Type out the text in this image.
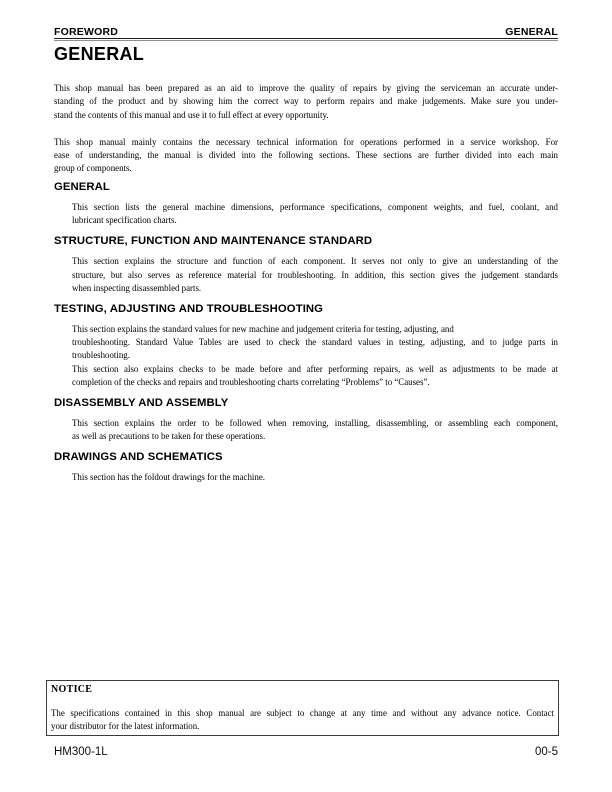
FOREWORD	GENERAL
GENERAL
This shop manual has been prepared as an aid to improve the quality of repairs by giving the serviceman an accurate under-
standing of the product and by showing him the correct way to perform repairs and make judgements. Make sure you under-
stand the contents of this manual and use it to full effect at every opportunity.
This shop manual mainly contains the necessary technical information for operations performed in a service workshop. For
ease of understanding, the manual is divided into the following sections. These sections are further divided into each main
group of components.
GENERAL
This section lists the general machine dimensions, performance specifications, component weights, and fuel, coolant, and
lubricant specification charts.
STRUCTURE, FUNCTION AND MAINTENANCE STANDARD
This section explains the structure and function of each component. It serves not only to give an understanding of the
structure, but also serves as reference material for troubleshooting. In addition, this section gives the judgement standards
when inspecting disassembled parts.
TESTING, ADJUSTING AND TROUBLESHOOTING
This section explains the standard values for new machine and judgement criteria for testing, adjusting, and
troubleshooting. Standard Value Tables are used to check the standard values in testing, adjusting, and to judge parts in
troubleshooting.
This section also explains checks to be made before and after performing repairs, as well as adjustments to be made at
completion of the checks and repairs and troubleshooting charts correlating “Problems” to “Causes”.
DISASSEMBLY AND ASSEMBLY
This section explains the order to be followed when removing, installing, disassembling, or assembling each component,
as well as precautions to be taken for these operations.
DRAWINGS AND SCHEMATICS
This section has the foldout drawings for the machine.
NOTICE
The specifications contained in this shop manual are subject to change at any time and without any advance notice. Contact
your distributor for the latest information.
HM300-1L	00-5
